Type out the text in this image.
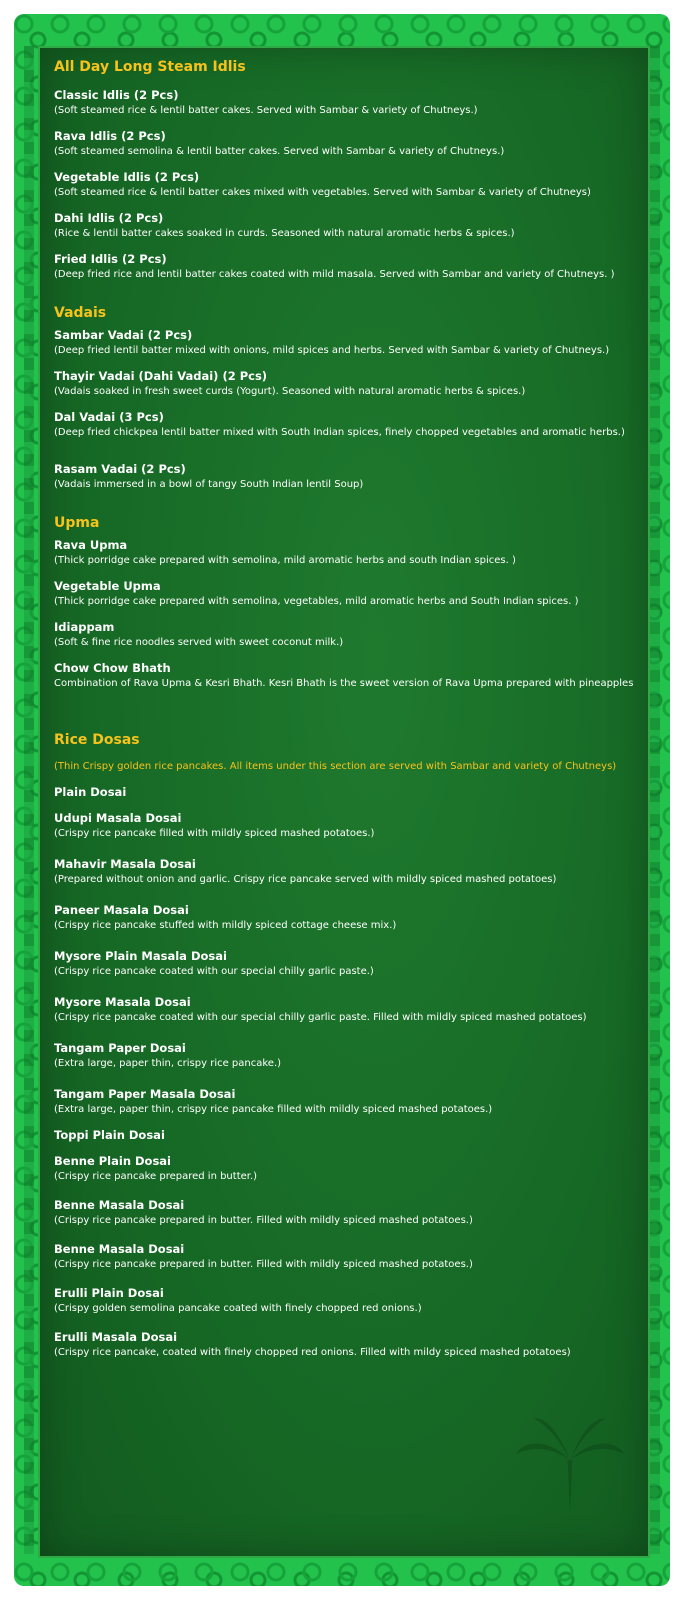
All Day Long Steam Idlis
Classic Idlis (2 Pcs)
(Soft steamed rice & lentil batter cakes. Served with Sambar & variety of Chutneys.)
Rava Idlis (2 Pcs)
(Soft steamed semolina & lentil batter cakes. Served with Sambar & variety of Chutneys.)
Vegetable Idlis (2 Pcs)
(Soft steamed rice & lentil batter cakes mixed with vegetables. Served with Sambar & variety of Chutneys)
Dahi Idlis (2 Pcs)
(Rice & lentil batter cakes soaked in curds. Seasoned with natural aromatic herbs & spices.)
Fried Idlis (2 Pcs)
(Deep fried rice and lentil batter cakes coated with mild masala. Served with Sambar and variety of Chutneys. )
Vadais
Sambar Vadai (2 Pcs)
(Deep fried lentil batter mixed with onions, mild spices and herbs. Served with Sambar & variety of Chutneys.)
Thayir Vadai (Dahi Vadai) (2 Pcs)
(Vadais soaked in fresh sweet curds (Yogurt). Seasoned with natural aromatic herbs & spices.)
Dal Vadai (3 Pcs)
(Deep fried chickpea lentil batter mixed with South Indian spices, finely chopped vegetables and aromatic herbs.)
Rasam Vadai (2 Pcs)
(Vadais immersed in a bowl of tangy South Indian lentil Soup)
Upma
Rava Upma
(Thick porridge cake prepared with semolina, mild aromatic herbs and south Indian spices. )
Vegetable Upma
(Thick porridge cake prepared with semolina, vegetables, mild aromatic herbs and South Indian spices. )
Idiappam
(Soft & fine rice noodles served with sweet coconut milk.)
Chow Chow Bhath
Combination of Rava Upma & Kesri Bhath. Kesri Bhath is the sweet version of Rava Upma prepared with pineapples
Rice Dosas
(Thin Crispy golden rice pancakes. All items under this section are served with Sambar and variety of Chutneys)
Plain Dosai
Udupi Masala Dosai
(Crispy rice pancake filled with mildly spiced mashed potatoes.)
Mahavir Masala Dosai
(Prepared without onion and garlic. Crispy rice pancake served with mildly spiced mashed potatoes)
Paneer Masala Dosai
(Crispy rice pancake stuffed with mildly spiced cottage cheese mix.)
Mysore Plain Masala Dosai
(Crispy rice pancake coated with our special chilly garlic paste.)
Mysore Masala Dosai
(Crispy rice pancake coated with our special chilly garlic paste. Filled with mildly spiced mashed potatoes)
Tangam Paper Dosai
(Extra large, paper thin, crispy rice pancake.)
Tangam Paper Masala Dosai
(Extra large, paper thin, crispy rice pancake filled with mildly spiced mashed potatoes.)
Toppi Plain Dosai
Benne Plain Dosai
(Crispy rice pancake prepared in butter.)
Benne Masala Dosai
(Crispy rice pancake prepared in butter. Filled with mildly spiced mashed potatoes.)
Benne Masala Dosai
(Crispy rice pancake prepared in butter. Filled with mildly spiced mashed potatoes.)
Erulli Plain Dosai
(Crispy golden semolina pancake coated with finely chopped red onions.)
Erulli Masala Dosai
(Crispy rice pancake, coated with finely chopped red onions. Filled with mildy spiced mashed potatoes)
